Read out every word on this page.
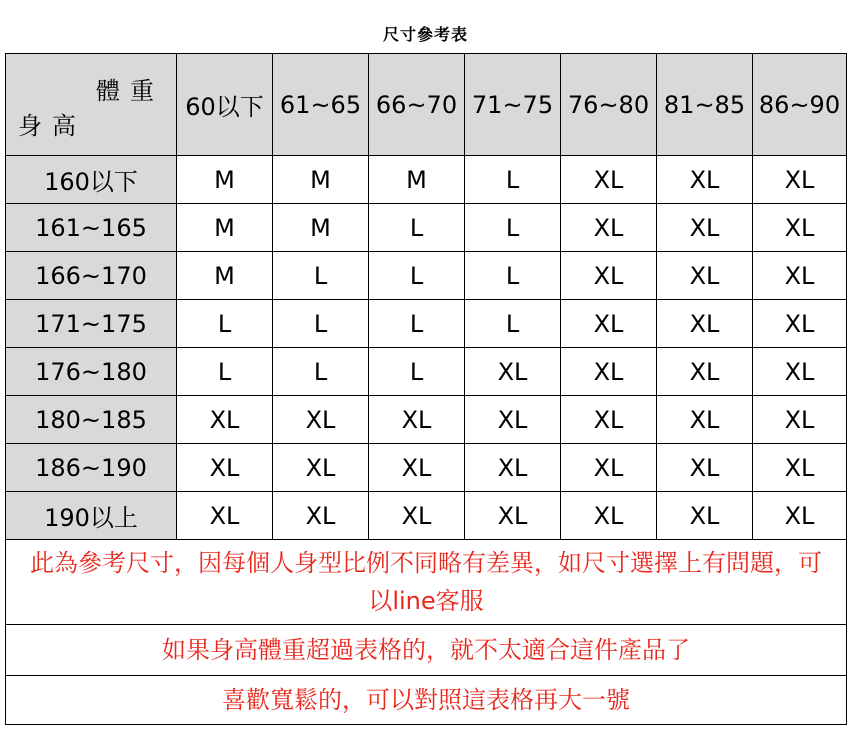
尺寸參考表
體重
身高	60以下	61~65	66~70	71~75	76~80	81~85	86~90
160以下	M	M	M	L	XL	XL	XL
161~165	M	M	L	L	XL	XL	XL
166~170	M	L	L	L	XL	XL	XL
171~175	L	L	L	L	XL	XL	XL
176~180	L	L	L	XL	XL	XL	XL
180~185	XL	XL	XL	XL	XL	XL	XL
186~190	XL	XL	XL	XL	XL	XL	XL
190以上	XL	XL	XL	XL	XL	XL	XL

此為參考尺寸，因每個人身型比例不同略有差異，如尺寸選擇上有問題，可以line客服							

如果身高體重超過表格的，就不太適合這件產品了							

喜歡寬鬆的，可以對照這表格再大一號							
